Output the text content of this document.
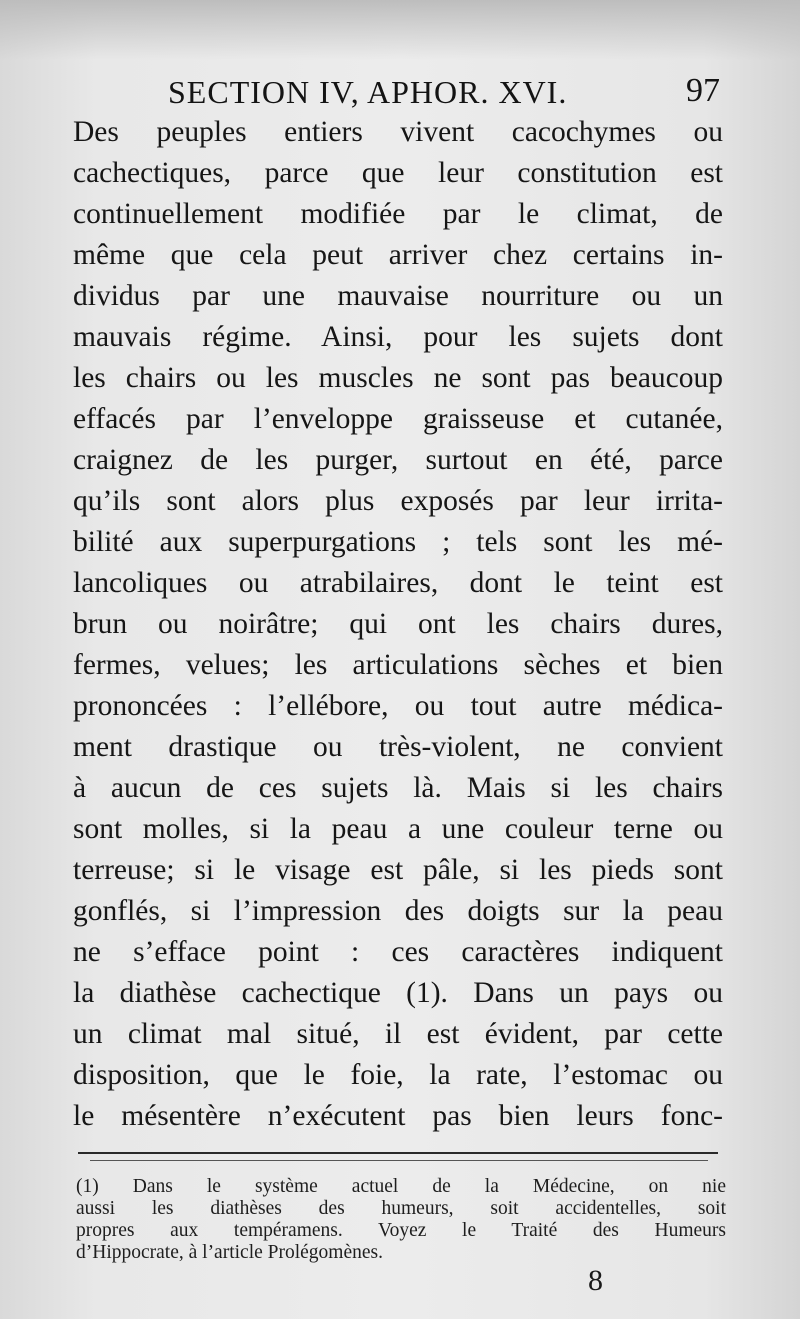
SECTION IV, APHOR. XVI.	97
Des peuples entiers vivent cacochymes ou
cachectiques, parce que leur constitution est
continuellement modifiée par le climat, de
même que cela peut arriver chez certains in-
dividus par une mauvaise nourriture ou un
mauvais régime. Ainsi, pour les sujets dont
les chairs ou les muscles ne sont pas beaucoup
effacés par l’enveloppe graisseuse et cutanée,
craignez de les purger, surtout en été, parce
qu’ils sont alors plus exposés par leur irrita-
bilité aux superpurgations ; tels sont les mé-
lancoliques ou atrabilaires, dont le teint est
brun ou noirâtre; qui ont les chairs dures,
fermes, velues; les articulations sèches et bien
prononcées : l’ellébore, ou tout autre médica-
ment drastique ou très-violent, ne convient
à aucun de ces sujets là. Mais si les chairs
sont molles, si la peau a une couleur terne ou
terreuse; si le visage est pâle, si les pieds sont
gonflés, si l’impression des doigts sur la peau
ne s’efface point : ces caractères indiquent
la diathèse cachectique (1). Dans un pays ou
un climat mal situé, il est évident, par cette
disposition, que le foie, la rate, l’estomac ou
le mésentère n’exécutent pas bien leurs fonc-
(1) Dans le système actuel de la Médecine, on nie
aussi les diathèses des humeurs, soit accidentelles, soit
propres aux tempéramens. Voyez le Traité des Humeurs
d’Hippocrate, à l’article Prolégomènes.
8
